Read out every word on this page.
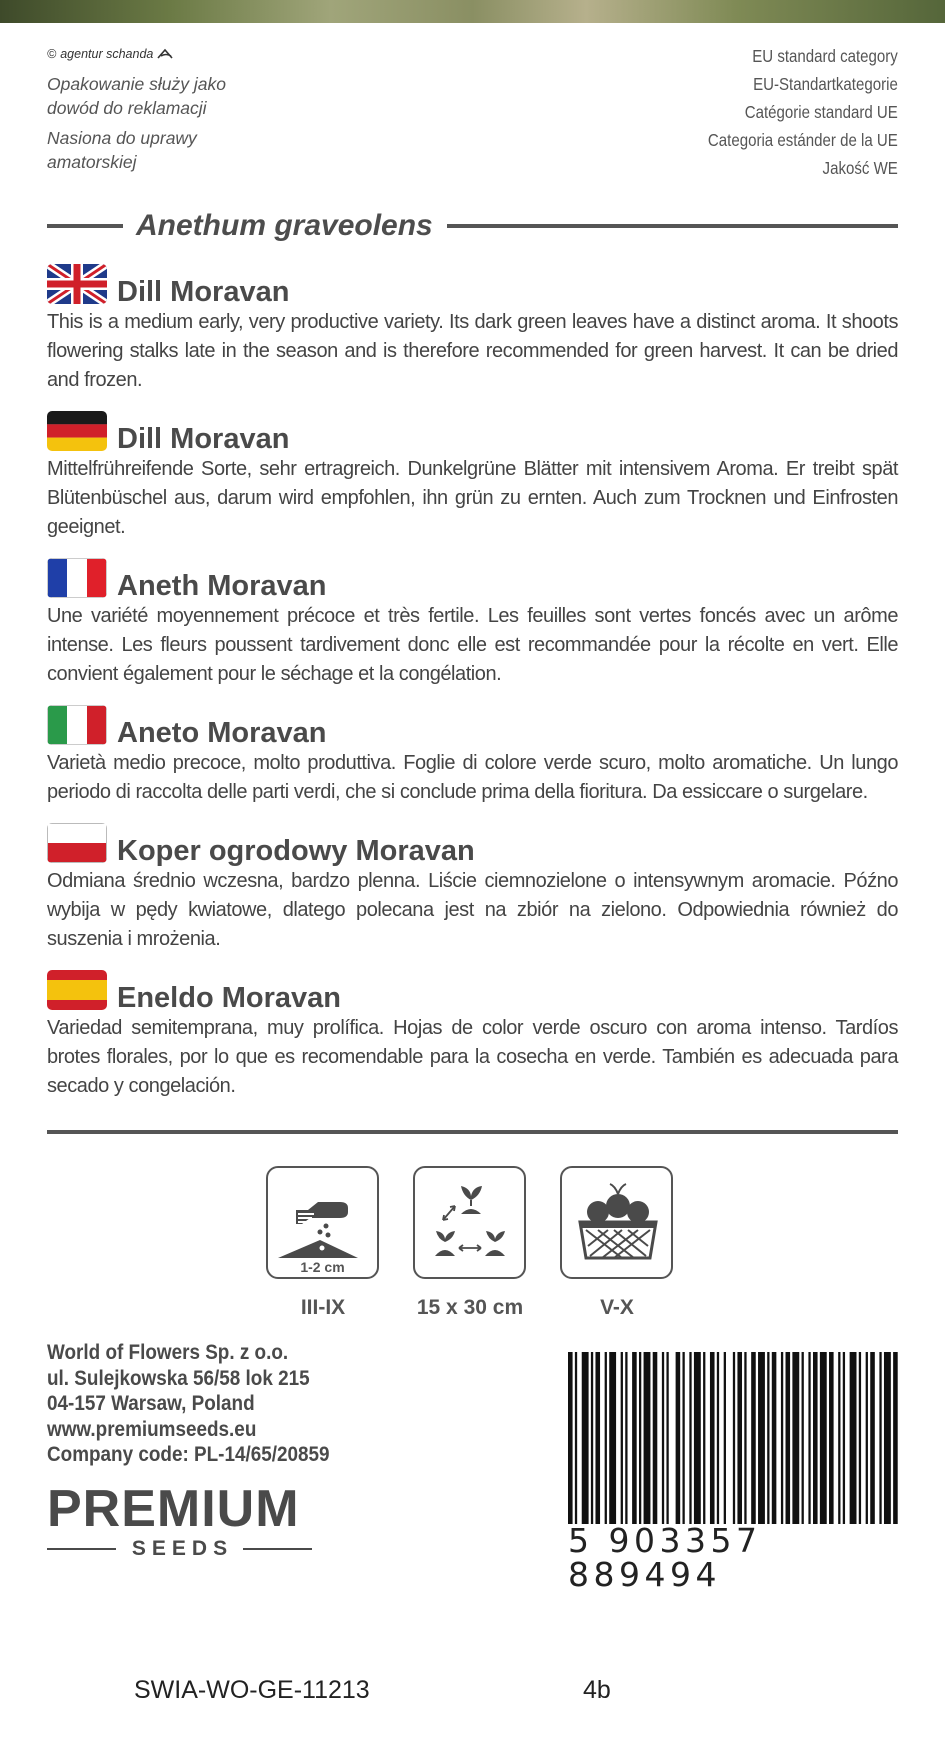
© agentur schanda
Opakowanie służy jako
dowód do reklamacji
Nasiona do uprawy
amatorskiej
EU standard category
EU-Standartkategorie
Catégorie standard UE
Categoria estánder de la UE
Jakość WE
Anethum graveolens
Dill Moravan
This is a medium early, very productive variety. Its dark green leaves have a distinct aroma. It shoots flowering stalks late in the season and is therefore recommended for green harvest. It can be dried and frozen.
Dill Moravan
Mittelfrühreifende Sorte, sehr ertragreich. Dunkelgrüne Blätter mit intensivem Aroma. Er treibt spät Blütenbüschel aus, darum wird empfohlen, ihn grün zu ernten. Auch zum Trocknen und Einfrosten geeignet.
Aneth Moravan
Une variété moyennement précoce et très fertile. Les feuilles sont vertes foncés avec un arôme intense. Les fleurs poussent tardivement donc elle est recommandée pour la récolte en vert. Elle convient également pour le séchage et la congélation.
Aneto Moravan
Varietà medio precoce, molto produttiva. Foglie di colore verde scuro, molto aromatiche. Un lungo periodo di raccolta delle parti verdi, che si conclude prima della fioritura. Da essiccare o surgelare.
Koper ogrodowy Moravan
Odmiana średnio wczesna, bardzo plenna. Liście ciemnozielone o intensywnym aromacie. Późno wybija w pędy kwiatowe, dlatego polecana jest na zbiór na zielono. Odpowiednia również do suszenia i mrożenia.
Eneldo Moravan
Variedad semitemprana, muy prolífica. Hojas de color verde oscuro con aroma intenso. Tardíos brotes florales, por lo que es recomendable para la cosecha en verde. También es adecuada para secado y congelación.
1-2 cm
III-IX	15 x 30 cm	V-X
World of Flowers Sp. z o.o.
ul. Sulejkowska 56/58 lok 215
04-157 Warsaw, Poland
www.premiumseeds.eu
Company code: PL-14/65/20859
PREMIUM
SEEDS	5 903357 889494
SWIA-WO-GE-11213	4b
